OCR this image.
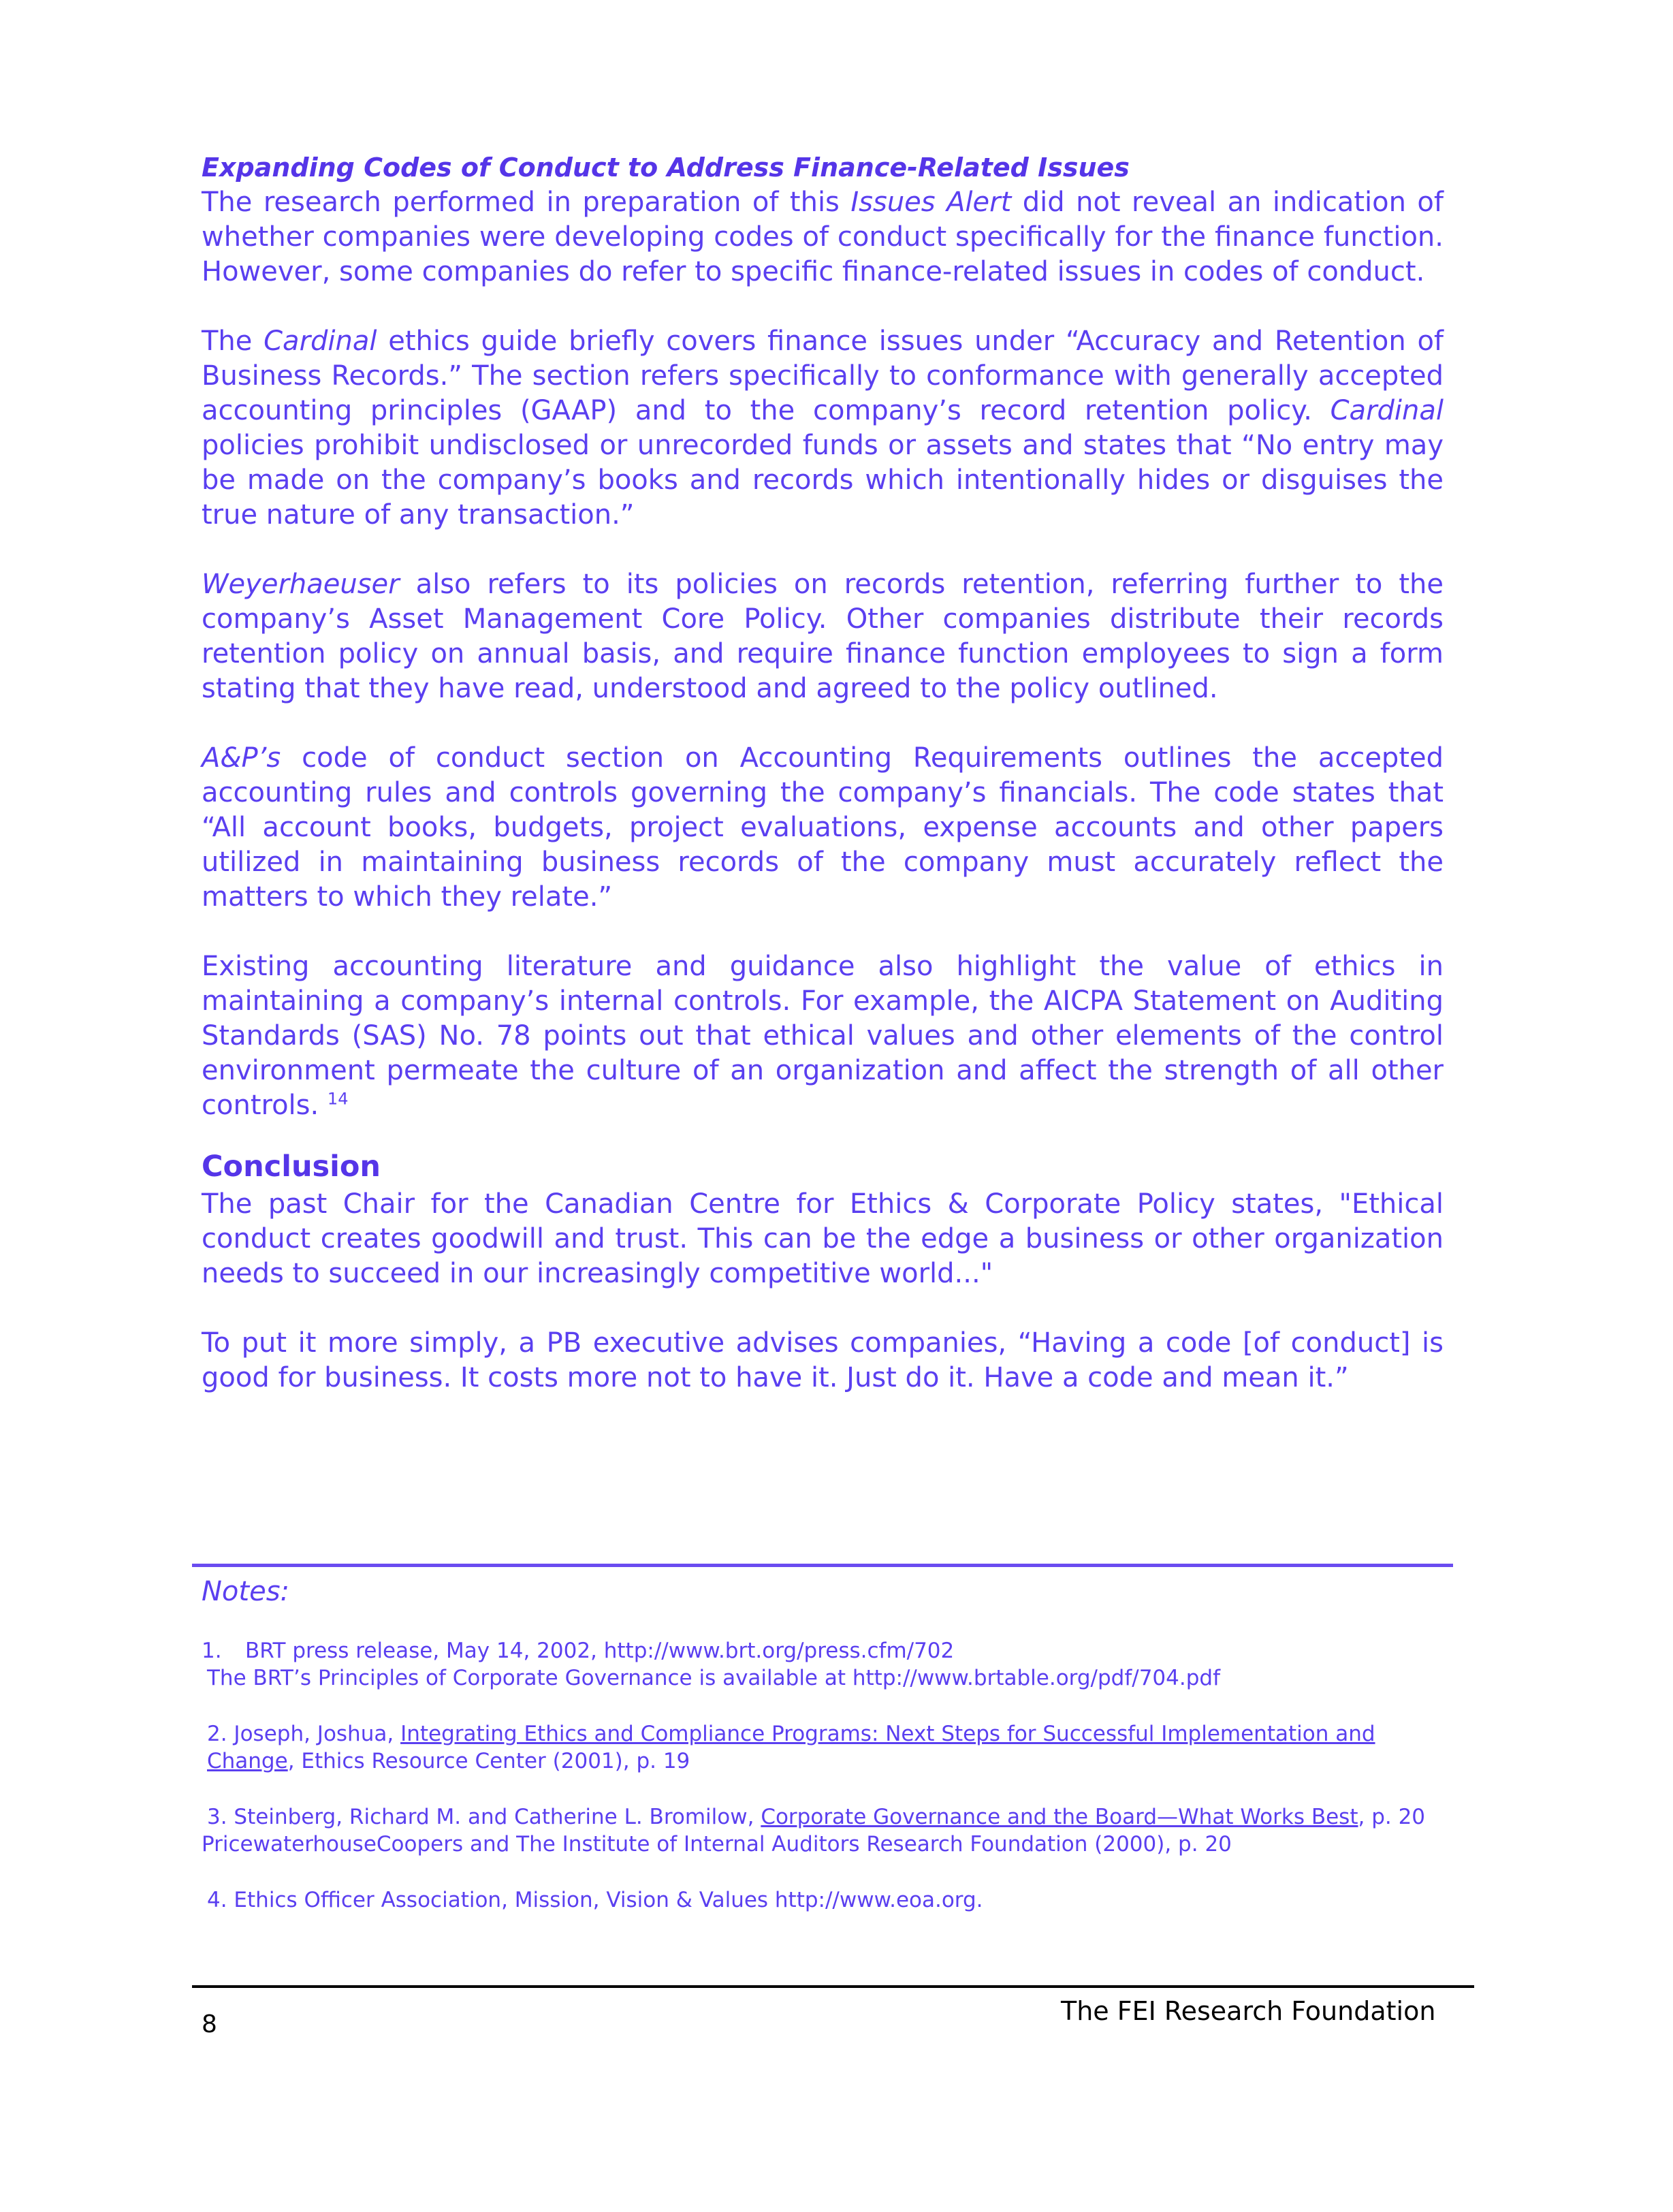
Expanding Codes of Conduct to Address Finance-Related Issues

The research performed in preparation of this Issues Alert did not reveal an indication of whether companies were developing codes of conduct specifically for the finance function. However, some companies do refer to specific finance-related issues in codes of conduct.

The Cardinal ethics guide briefly covers finance issues under “Accuracy and Retention of Business Records.” The section refers specifically to conformance with generally accepted accounting principles (GAAP) and to the company’s record retention policy. Cardinal policies prohibit undisclosed or unrecorded funds or assets and states that “No entry may be made on the company’s books and records which intentionally hides or disguises the true nature of any transaction.”

Weyerhaeuser also refers to its policies on records retention, referring further to the company’s Asset Management Core Policy. Other companies distribute their records retention policy on annual basis, and require finance function employees to sign a form stating that they have read, understood and agreed to the policy outlined.

A&P’s code of conduct section on Accounting Requirements outlines the accepted accounting rules and controls governing the company’s financials. The code states that “All account books, budgets, project evaluations, expense accounts and other papers utilized in maintaining business records of the company must accurately reflect the matters to which they relate.”

Existing accounting literature and guidance also highlight the value of ethics in maintaining a company’s internal controls. For example, the AICPA Statement on Auditing Standards (SAS) No. 78 points out that ethical values and other elements of the control environment permeate the culture of an organization and affect the strength of all other controls. $^{14}$

Conclusion

The past Chair for the Canadian Centre for Ethics & Corporate Policy states, "Ethical conduct creates goodwill and trust. This can be the edge a business or other organization needs to succeed in our increasingly competitive world..."

To put it more simply, a PB executive advises companies, “Having a code [of conduct] is good for business. It costs more not to have it. Just do it. Have a code and mean it.”

Notes:

1. BRT press release, May 14, 2002, http://www.brt.org/press.cfm/702
The BRT’s Principles of Corporate Governance is available at http://www.brtable.org/pdf/704.pdf
2. Joseph, Joshua, Integrating Ethics and Compliance Programs: Next Steps for Successful Implementation and Change, Ethics Resource Center (2001), p. 19
3. Steinberg, Richard M. and Catherine L. Bromilow, Corporate Governance and the Board—What Works Best, p. 20 PricewaterhouseCoopers and The Institute of Internal Auditors Research Foundation (2000), p. 20
4. Ethics Officer Association, Mission, Vision & Values http://www.eoa.org.
The FEI Research Foundation
8
